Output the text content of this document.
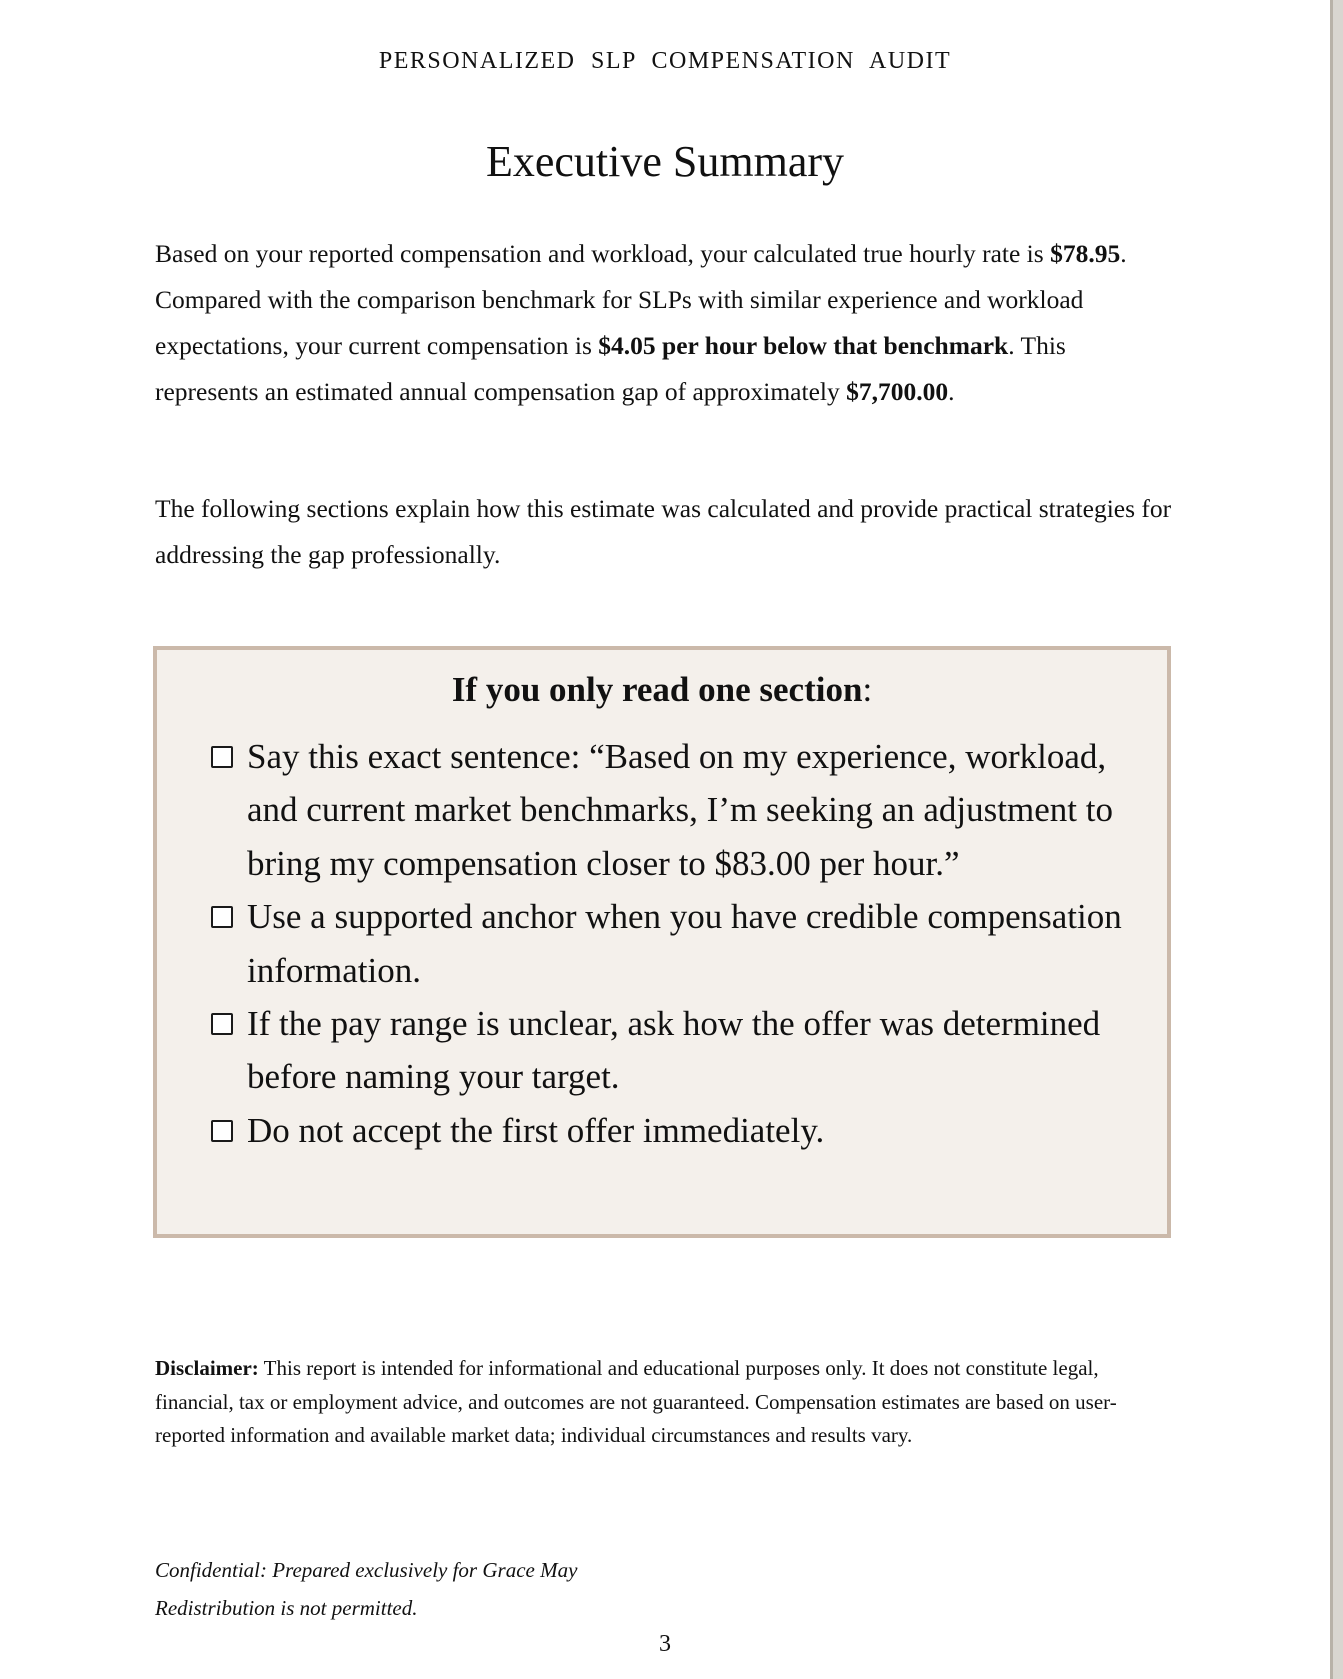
PERSONALIZED SLP COMPENSATION AUDIT
Executive Summary

Based on your reported compensation and workload, your calculated true hourly rate is $78.95. Compared with the comparison benchmark for SLPs with similar experience and workload expectations, your current compensation is $4.05 per hour below that benchmark. This represents an estimated annual compensation gap of approximately $7,700.00.

The following sections explain how this estimate was calculated and provide practical strategies for addressing the gap professionally.

If you only read one section:
Say this exact sentence: “Based on my experience, workload, and current market benchmarks, I’m seeking an adjustment to bring my compensation closer to $83.00 per hour.”
Use a supported anchor when you have credible compensation information.
If the pay range is unclear, ask how the offer was determined before naming your target.
Do not accept the first offer immediately.

Disclaimer: This report is intended for informational and educational purposes only. It does not constitute legal, financial, tax or employment advice, and outcomes are not guaranteed. Compensation estimates are based on user-reported information and available market data; individual circumstances and results vary.

Confidential: Prepared exclusively for Grace May
Redistribution is not permitted.

3
